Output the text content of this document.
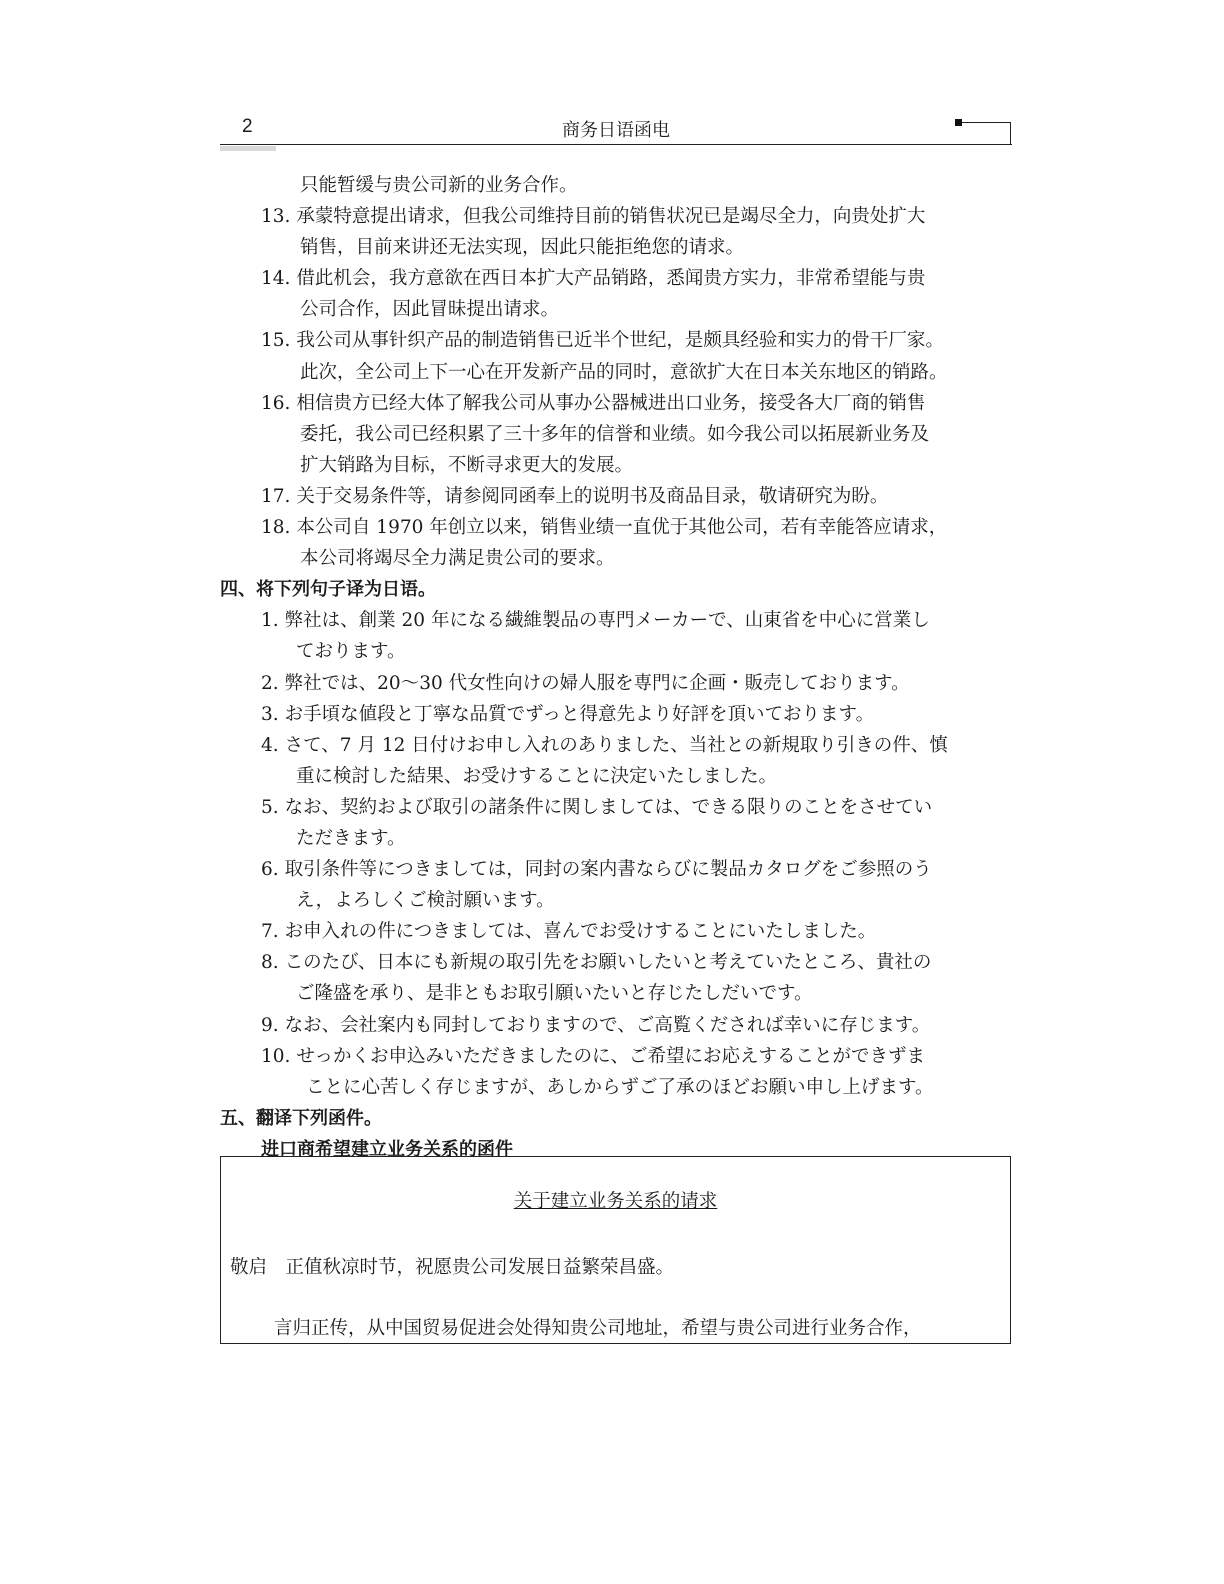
2	商务日语函电
只能暂缓与贵公司新的业务合作。
13. 承蒙特意提出请求，但我公司维持目前的销售状况已是竭尽全力，向贵处扩大
销售，目前来讲还无法实现，因此只能拒绝您的请求。
14. 借此机会，我方意欲在西日本扩大产品销路，悉闻贵方实力，非常希望能与贵
公司合作，因此冒昧提出请求。
15. 我公司从事针织产品的制造销售已近半个世纪，是颇具经验和实力的骨干厂家。
此次，全公司上下一心在开发新产品的同时，意欲扩大在日本关东地区的销路。
16. 相信贵方已经大体了解我公司从事办公器械进出口业务，接受各大厂商的销售
委托，我公司已经积累了三十多年的信誉和业绩。如今我公司以拓展新业务及
扩大销路为目标，不断寻求更大的发展。
17. 关于交易条件等，请参阅同函奉上的说明书及商品目录，敬请研究为盼。
18. 本公司自 1970 年创立以来，销售业绩一直优于其他公司，若有幸能答应请求，
本公司将竭尽全力满足贵公司的要求。
四、将下列句子译为日语。
1. 弊社は、創業 20 年になる繊維製品の専門メーカーで、山東省を中心に営業し
ております。
2. 弊社では、20～30 代女性向けの婦人服を専門に企画・販売しております。
3. お手頃な値段と丁寧な品質でずっと得意先より好評を頂いております。
4. さて、7 月 12 日付けお申し入れのありました、当社との新規取り引きの件、慎
重に検討した結果、お受けすることに決定いたしました。
5. なお、契約および取引の諸条件に関しましては、できる限りのことをさせてい
ただきます。
6. 取引条件等につきましては，同封の案内書ならびに製品カタログをご参照のう
え，よろしくご検討願います。
7. お申入れの件につきましては、喜んでお受けすることにいたしました。
8. このたび、日本にも新規の取引先をお願いしたいと考えていたところ、貴社の
ご隆盛を承り、是非ともお取引願いたいと存じたしだいです。
9. なお、会社案内も同封しておりますので、ご高覧くだされば幸いに存じます。
10. せっかくお申込みいただきましたのに、ご希望にお応えすることができずま
ことに心苦しく存じますが、あしからずご了承のほどお願い申し上げます。
五、翻译下列函件。
进口商希望建立业务关系的函件
关于建立业务关系的请求
敬启　正值秋凉时节，祝愿贵公司发展日益繁荣昌盛。
言归正传，从中国贸易促进会处得知贵公司地址，希望与贵公司进行业务合作，
